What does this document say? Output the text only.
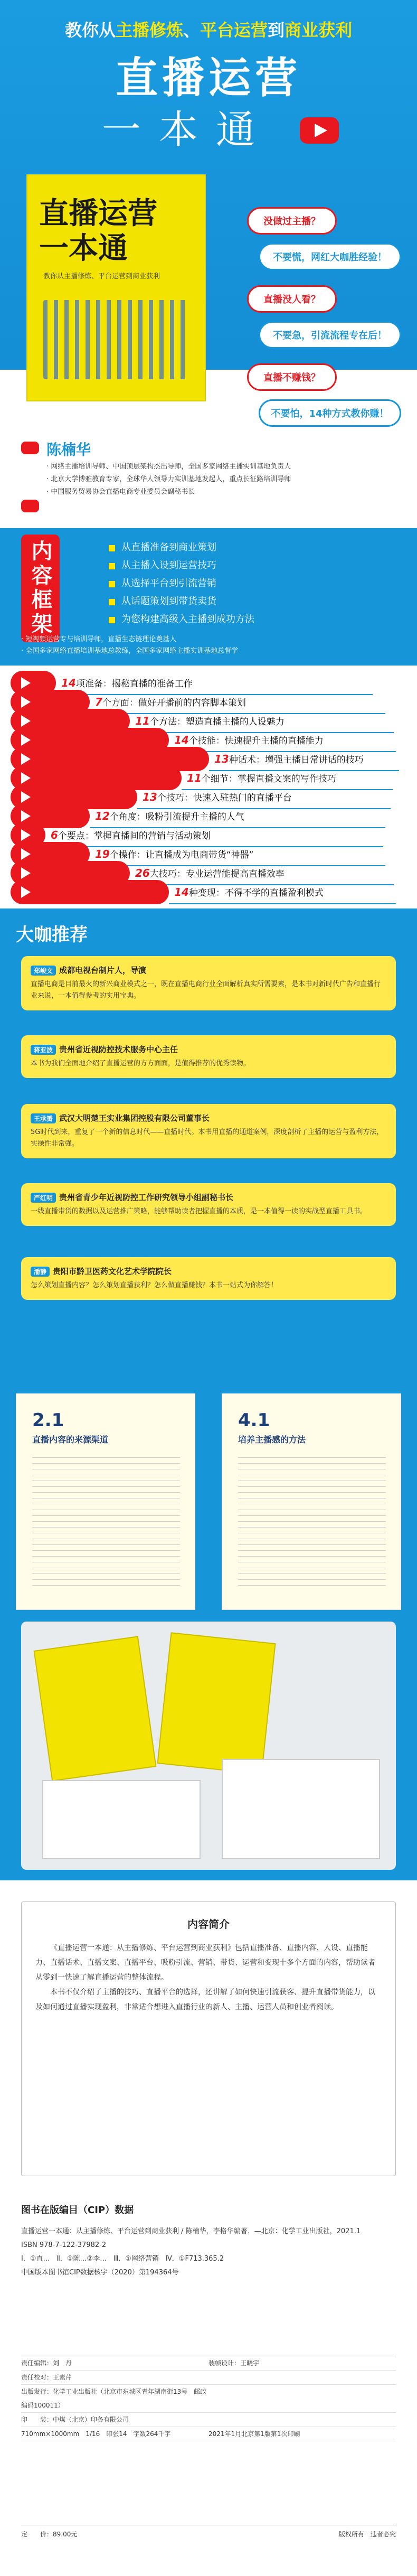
教你从主播修炼、平台运营到商业获利
直播运营
一本通
直播运营
一本通
教你从主播修炼、平台运营到商业获利
没做过主播？
不要慌，网红大咖胜经验！
直播没人看？
不要急，引流流程专在后！
直播不赚钱？
不要怕，14种方式教你赚！
陈楠华
· 网络主播培训导师、中国顶层架构杰出导师，全国多家网络主播实训基地负责人
· 北京大学博雅教育专家，全球华人领导力实训基地发起人，重点长征路培训导师
· 中国服务贸易协会直播电商专业委员会副秘书长
李格华
内容框架	从直播准备到商业策划
从主播入设到运营技巧
从选择平台到引流营销
从话题策划到带货卖货
为您构建高级入主播到成功方法
· 短视频运营专与培训导师，直播生态链理论奠基人
· 全国多家网络直播培训基地总教练，全国多家网络主播实训基地总督学
14项准备：揭秘直播的准备工作
7个方面：做好开播前的内容脚本策划
11个方法：塑造直播主播的人设魅力
14个技能：快速提升主播的直播能力
13种话术：增强主播日常讲话的技巧
11个细节：掌握直播文案的写作技巧
13个技巧：快速入驻热门的直播平台
12个角度：吸粉引流提升主播的人气
6个要点：掌握直播间的营销与活动策划
19个操作：让直播成为电商带货“神器”
26大技巧：专业运营能提高直播效率
14种变现：不得不学的直播盈利模式
大咖推荐
郑峻文 成都电视台制片人，导演
直播电商是目前最火的新兴商业模式之一，既在直播电商行业全面解析真实所需要素，是本书对新时代广告和直播行业来说，一本值得参考的实用宝典。
蒋亚波 贵州省近视防控技术服务中心主任
本书为我们全面地介绍了直播运营的方方面面，是值得推荐的优秀读物。
王承赟 武汉大明楚王实业集团控股有限公司董事长
5G时代到来，重复了一个新的信息时代——直播时代。本书用直播的通道案例，深度剖析了主播的运营与盈利方法，实操性非常强。
严红明 贵州省青少年近视防控工作研究领导小组副秘书长
一线直播带货的数据以及运营推广策略，能够帮助读者把握直播的本质，是一本值得一读的实战型直播工具书。
潘静 贵阳市黔卫医药文化艺术学院院长
怎么策划直播内容？怎么策划直播获利？怎么做直播赚钱？本书一站式为你解答！
2.1
直播内容的来源渠道
4.1
培养主播感的方法
内容简介

《直播运营一本通：从主播修炼、平台运营到商业获利》包括直播准备、直播内容、人设、直播能力、直播话术、直播文案、直播平台、吸粉引流、营销、带货、运营和变现十多个方面的内容，帮助读者从零到一快速了解直播运营的整体流程。

本书不仅介绍了主播的技巧、直播平台的选择，还讲解了如何快速引流获客、提升直播带货能力，以及如何通过直播实现盈利，非常适合想进入直播行业的新人、主播、运营人员和创业者阅读。

图书在版编目（CIP）数据
直播运营一本通：从主播修炼、平台运营到商业获利 / 陈楠华，李格华编著．—北京：化学工业出版社，2021.1
ISBN 978-7-122-37982-2
Ⅰ．①直…　Ⅱ．①陈…②李…　Ⅲ．①网络营销　Ⅳ．①F713.365.2
中国版本图书馆CIP数据核字（2020）第194364号
责任编辑：刘　丹	装帧设计：王晓宇
责任校对：王素芹
出版发行：化学工业出版社（北京市东城区青年湖南街13号　邮政编码100011）
印　　装：中煤（北京）印务有限公司
710mm×1000mm　1/16　印张14　字数264千字	2021年1月北京第1版第1次印刷
定　　价：89.00元	版权所有　违者必究
